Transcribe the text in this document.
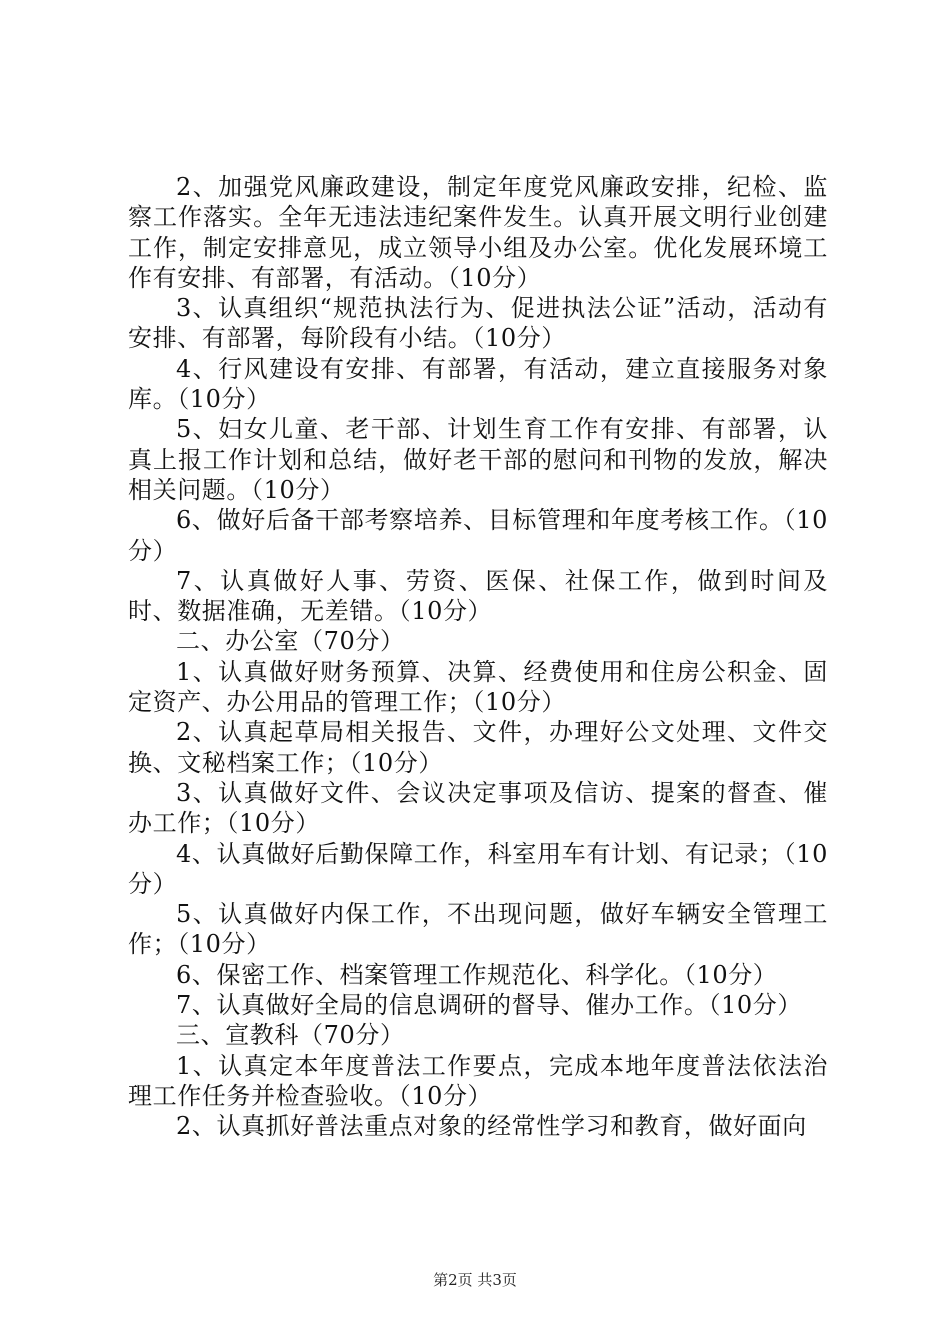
2、加强党风廉政建设，制定年度党风廉政安排，纪检、监察工作落实。全年无违法违纪案件发生。认真开展文明行业创建工作，制定安排意见，成立领导小组及办公室。优化发展环境工作有安排、有部署，有活动。（10分）

3、认真组织“规范执法行为、促进执法公证”活动，活动有安排、有部署，每阶段有小结。（10分）

4、行风建设有安排、有部署，有活动，建立直接服务对象库。（10分）

5、妇女儿童、老干部、计划生育工作有安排、有部署，认真上报工作计划和总结，做好老干部的慰问和刊物的发放，解决相关问题。（10分）

6、做好后备干部考察培养、目标管理和年度考核工作。（10分）

7、认真做好人事、劳资、医保、社保工作，做到时间及时、数据准确，无差错。（10分）

二、办公室（70分）

1、认真做好财务预算、决算、经费使用和住房公积金、固定资产、办公用品的管理工作；（10分）

2、认真起草局相关报告、文件，办理好公文处理、文件交换、文秘档案工作；（10分）

3、认真做好文件、会议决定事项及信访、提案的督查、催办工作；（10分）

4、认真做好后勤保障工作，科室用车有计划、有记录；（10分）

5、认真做好内保工作，不出现问题，做好车辆安全管理工作；（10分）

6、保密工作、档案管理工作规范化、科学化。（10分）

7、认真做好全局的信息调研的督导、催办工作。（10分）

三、宣教科（70分）

1、认真定本年度普法工作要点，完成本地年度普法依法治理工作任务并检查验收。（10分）

2、认真抓好普法重点对象的经常性学习和教育，做好面向

第2页 共3页
